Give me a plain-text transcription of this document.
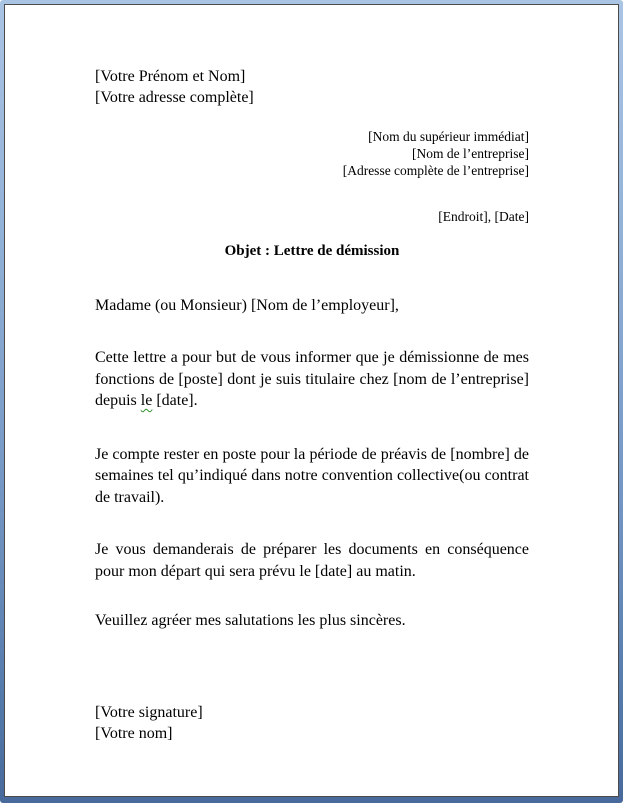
[Votre Prénom et Nom]
[Votre adresse complète]
[Nom du supérieur immédiat]
[Nom de l’entreprise]
[Adresse complète de l’entreprise]
[Endroit], [Date]
Objet : Lettre de démission
Madame (ou Monsieur) [Nom de l’employeur],
Cette lettre a pour but de vous informer que je démissionne de mes fonctions de [poste] dont je suis titulaire chez [nom de l’entreprise] depuis le [date].
Je compte rester en poste pour la période de préavis de [nombre] de semaines tel qu’indiqué dans notre convention collective(ou contrat de travail).
Je vous demanderais de préparer les documents en conséquence pour mon départ qui sera prévu le [date] au matin.
Veuillez agréer mes salutations les plus sincères.
[Votre signature]
[Votre nom]
